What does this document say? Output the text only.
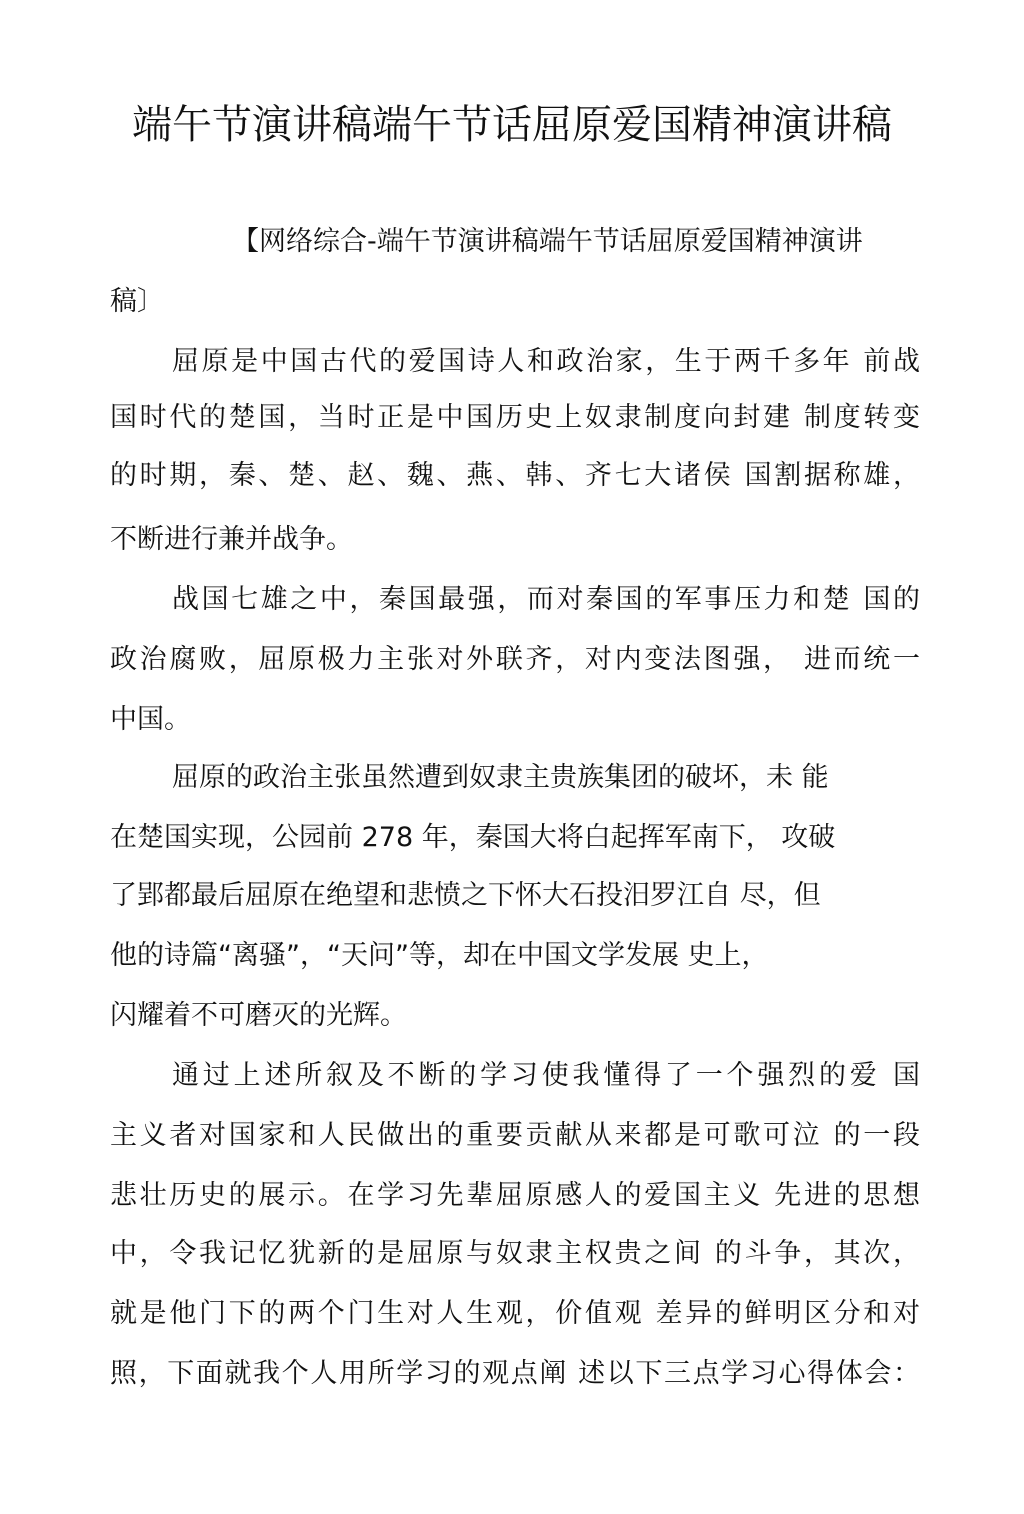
端午节演讲稿端午节话屈原爱国精神演讲稿

【网络综合-端午节演讲稿端午节话屈原爱国精神演讲

稿〕

屈原是中国古代的爱国诗人和政治家，生于两千多年 前战

国时代的楚国，当时正是中国历史上奴隶制度向封建 制度转变

的时期，秦、楚、赵、魏、燕、韩、齐七大诸侯 国割据称雄，

不断进行兼并战争。

战国七雄之中，秦国最强，而对秦国的军事压力和楚 国的

政治腐败，屈原极力主张对外联齐，对内变法图强， 进而统一

中国。

屈原的政治主张虽然遭到奴隶主贵族集团的破坏，未 能

在楚国实现，公园前 278 年，秦国大将白起挥军南下， 攻破

了郢都最后屈原在绝望和悲愤之下怀大石投汨罗江自 尽，但

他的诗篇“离骚”，“天问”等，却在中国文学发展 史上，

闪耀着不可磨灭的光辉。

通过上述所叙及不断的学习使我懂得了一个强烈的爱 国

主义者对国家和人民做出的重要贡献从来都是可歌可泣 的一段

悲壮历史的展示。在学习先辈屈原感人的爱国主义 先进的思想

中，令我记忆犹新的是屈原与奴隶主权贵之间 的斗争，其次，

就是他门下的两个门生对人生观，价值观 差异的鲜明区分和对

照，下面就我个人用所学习的观点阐 述以下三点学习心得体会：
